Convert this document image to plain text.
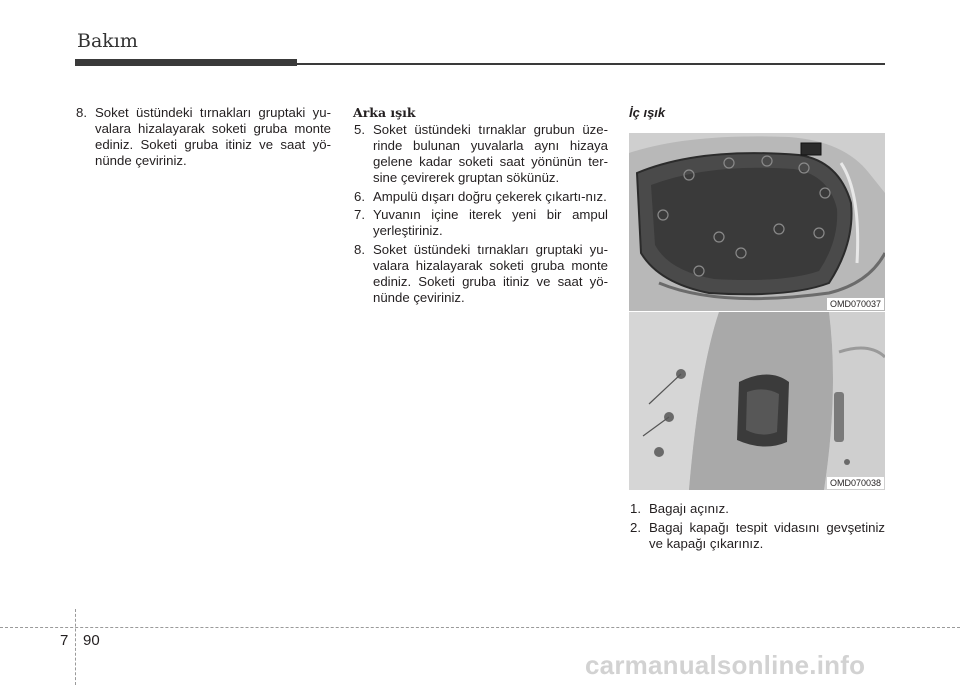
Bakım
8. Soket üstündeki tırnakları gruptaki yu-valara hizalayarak soketi gruba monte ediniz. Soketi gruba itiniz ve saat yö-nünde çeviriniz.
Arka ışık
5. Soket üstündeki tırnaklar grubun üze-rinde bulunan yuvalarla aynı hizaya gelene kadar soketi saat yönünün ter-sine çevirerek gruptan sökünüz.
6. Ampulü dışarı doğru çekerek çıkartı-nız.
7. Yuvanın içine iterek yeni bir ampul yerleştiriniz.
8. Soket üstündeki tırnakları gruptaki yu-valara hizalayarak soketi gruba monte ediniz. Soketi gruba itiniz ve saat yö-nünde çeviriniz.
İç ışık
OMD070037
OMD070038
1. Bagajı açınız.
2. Bagaj kapağı tespit vidasını gevşetiniz ve kapağı çıkarınız.
7 90
carmanualsonline.info
